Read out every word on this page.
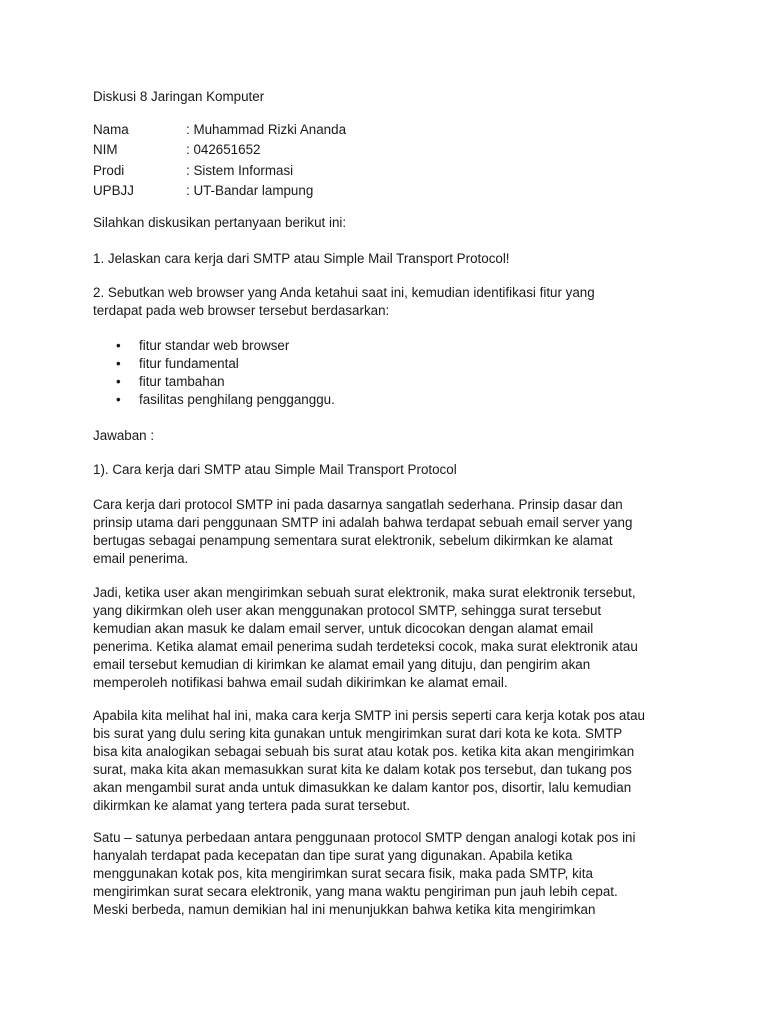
Diskusi 8 Jaringan Komputer
Nama	: Muhammad Rizki Ananda
NIM	: 042651652
Prodi	: Sistem Informasi
UPBJJ	: UT-Bandar lampung
Silahkan diskusikan pertanyaan berikut ini:
1. Jelaskan cara kerja dari SMTP atau Simple Mail Transport Protocol!
2. Sebutkan web browser yang Anda ketahui saat ini, kemudian identifikasi fitur yang
terdapat pada web browser tersebut berdasarkan:
• fitur standar web browser
• fitur fundamental
• fitur tambahan
• fasilitas penghilang pengganggu.
Jawaban :
1). Cara kerja dari SMTP atau Simple Mail Transport Protocol
Cara kerja dari protocol SMTP ini pada dasarnya sangatlah sederhana. Prinsip dasar dan
prinsip utama dari penggunaan SMTP ini adalah bahwa terdapat sebuah email server yang
bertugas sebagai penampung sementara surat elektronik, sebelum dikirmkan ke alamat
email penerima.
Jadi, ketika user akan mengirimkan sebuah surat elektronik, maka surat elektronik tersebut,
yang dikirmkan oleh user akan menggunakan protocol SMTP, sehingga surat tersebut
kemudian akan masuk ke dalam email server, untuk dicocokan dengan alamat email
penerima. Ketika alamat email penerima sudah terdeteksi cocok, maka surat elektronik atau
email tersebut kemudian di kirimkan ke alamat email yang dituju, dan pengirim akan
memperoleh notifikasi bahwa email sudah dikirimkan ke alamat email.
Apabila kita melihat hal ini, maka cara kerja SMTP ini persis seperti cara kerja kotak pos atau
bis surat yang dulu sering kita gunakan untuk mengirimkan surat dari kota ke kota. SMTP
bisa kita analogikan sebagai sebuah bis surat atau kotak pos. ketika kita akan mengirimkan
surat, maka kita akan memasukkan surat kita ke dalam kotak pos tersebut, dan tukang pos
akan mengambil surat anda untuk dimasukkan ke dalam kantor pos, disortir, lalu kemudian
dikirmkan ke alamat yang tertera pada surat tersebut.
Satu – satunya perbedaan antara penggunaan protocol SMTP dengan analogi kotak pos ini
hanyalah terdapat pada kecepatan dan tipe surat yang digunakan. Apabila ketika
menggunakan kotak pos, kita mengirimkan surat secara fisik, maka pada SMTP, kita
mengirimkan surat secara elektronik, yang mana waktu pengiriman pun jauh lebih cepat.
Meski berbeda, namun demikian hal ini menunjukkan bahwa ketika kita mengirimkan
